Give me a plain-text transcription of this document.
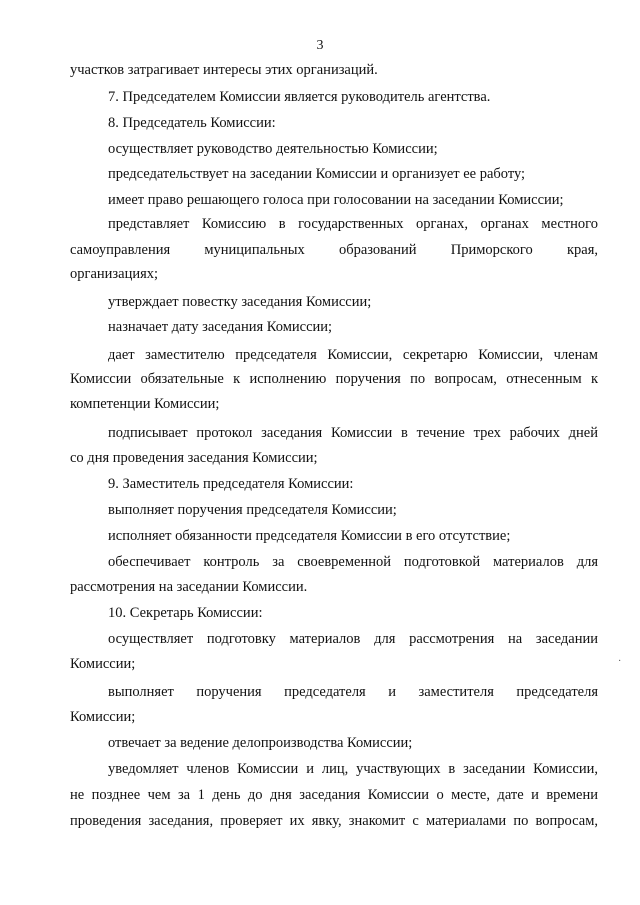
3
участков затрагивает интересы этих организаций.
7. Председателем Комиссии является руководитель агентства.
8. Председатель Комиссии:
осуществляет руководство деятельностью Комиссии;
председательствует на заседании Комиссии и организует ее работу;
имеет право решающего голоса при голосовании на заседании Комиссии;
представляет Комиссию в государственных органах, органах местного
самоуправления муниципальных образований Приморского края,
организациях;
утверждает повестку заседания Комиссии;
назначает дату заседания Комиссии;
дает заместителю председателя Комиссии, секретарю Комиссии, членам
Комиссии обязательные к исполнению поручения по вопросам, отнесенным к
компетенции Комиссии;
подписывает протокол заседания Комиссии в течение трех рабочих дней
со дня проведения заседания Комиссии;
9. Заместитель председателя Комиссии:
выполняет поручения председателя Комиссии;
исполняет обязанности председателя Комиссии в его отсутствие;
обеспечивает контроль за своевременной подготовкой материалов для
рассмотрения на заседании Комиссии.
10. Секретарь Комиссии:
осуществляет подготовку материалов для рассмотрения на заседании
Комиссии;
выполняет поручения председателя и заместителя председателя
Комиссии;
отвечает за ведение делопроизводства Комиссии;
уведомляет членов Комиссии и лиц, участвующих в заседании Комиссии,
не позднее чем за 1 день до дня заседания Комиссии о месте, дате и времени
проведения заседания, проверяет их явку, знакомит с материалами по вопросам,
·
